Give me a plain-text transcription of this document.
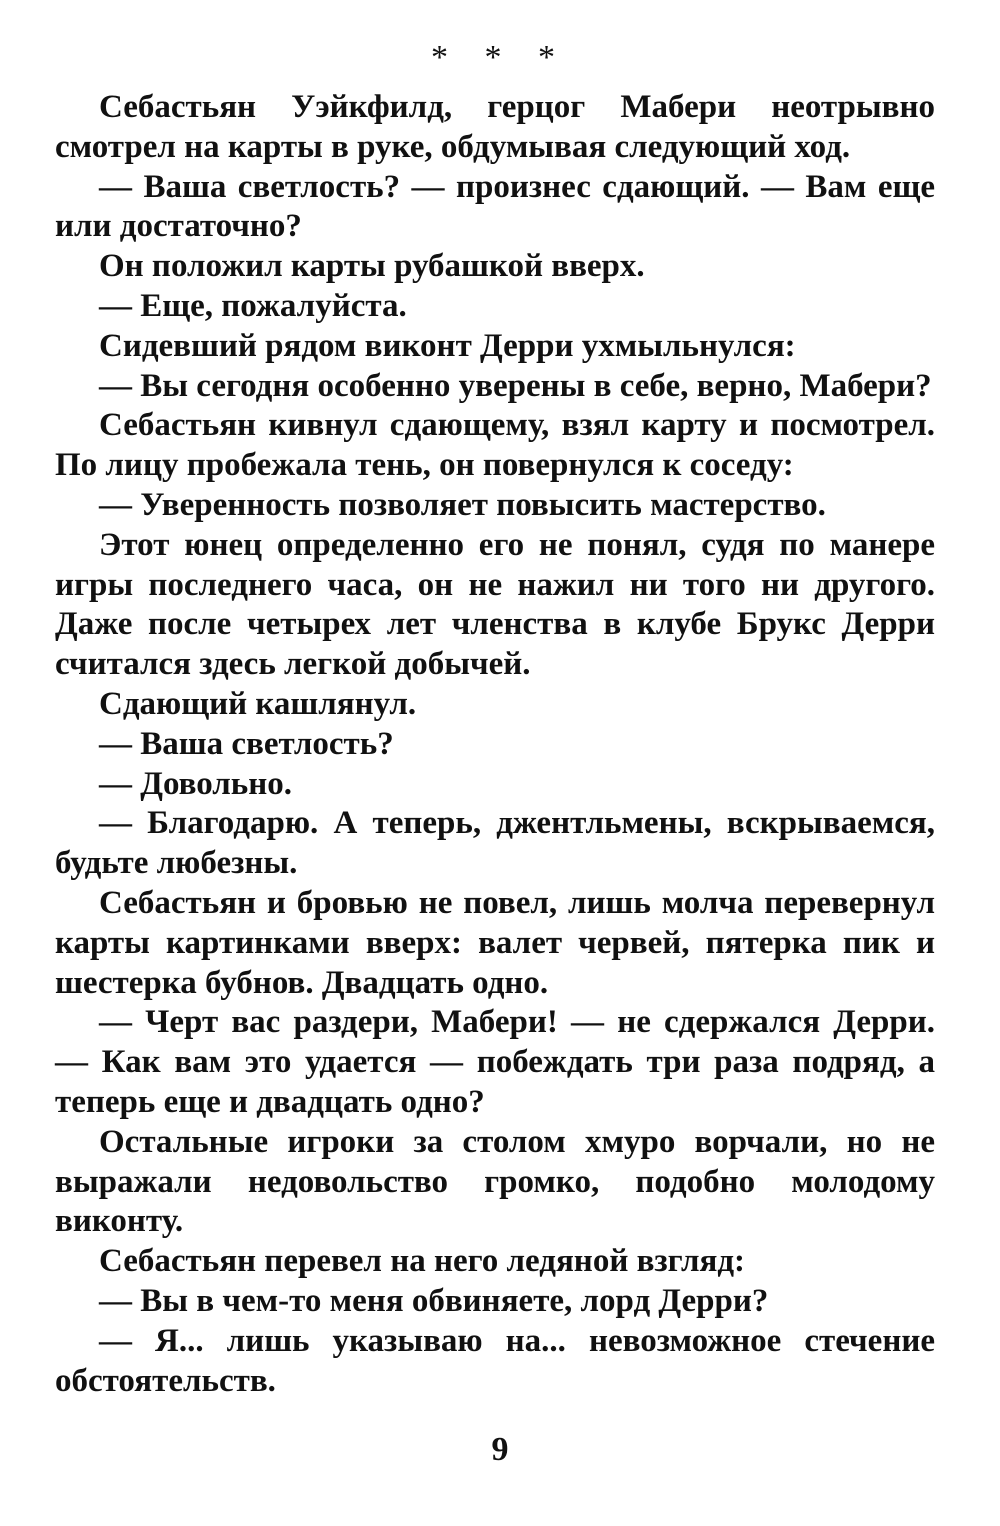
* * *

Себастьян Уэйкфилд, герцог Мабери неотрывно смотрел на карты в руке, обдумывая следующий ход.

— Ваша светлость? — произнес сдающий. — Вам еще или достаточно?

Он положил карты рубашкой вверх.

— Еще, пожалуйста.

Сидевший рядом виконт Дерри ухмыльнулся:

— Вы сегодня особенно уверены в себе, верно, Мабери?

Себастьян кивнул сдающему, взял карту и посмотрел. По лицу пробежала тень, он повернулся к соседу:

— Уверенность позволяет повысить мастерство.

Этот юнец определенно его не понял, судя по манере игры последнего часа, он не нажил ни того ни другого. Даже после четырех лет членства в клубе Брукс Дерри считался здесь легкой добычей.

Сдающий кашлянул.

— Ваша светлость?

— Довольно.

— Благодарю. А теперь, джентльмены, вскрываемся, будьте любезны.

Себастьян и бровью не повел, лишь молча перевернул карты картинками вверх: валет червей, пятерка пик и шестерка бубнов. Двадцать одно.

— Черт вас раздери, Мабери! — не сдержался Дерри. — Как вам это удается — побеждать три раза подряд, а теперь еще и двадцать одно?

Остальные игроки за столом хмуро ворчали, но не выражали недовольство громко, подобно молодому виконту.

Себастьян перевел на него ледяной взгляд:

— Вы в чем-то меня обвиняете, лорд Дерри?

— Я... лишь указываю на... невозможное стечение обстоятельств.

9
